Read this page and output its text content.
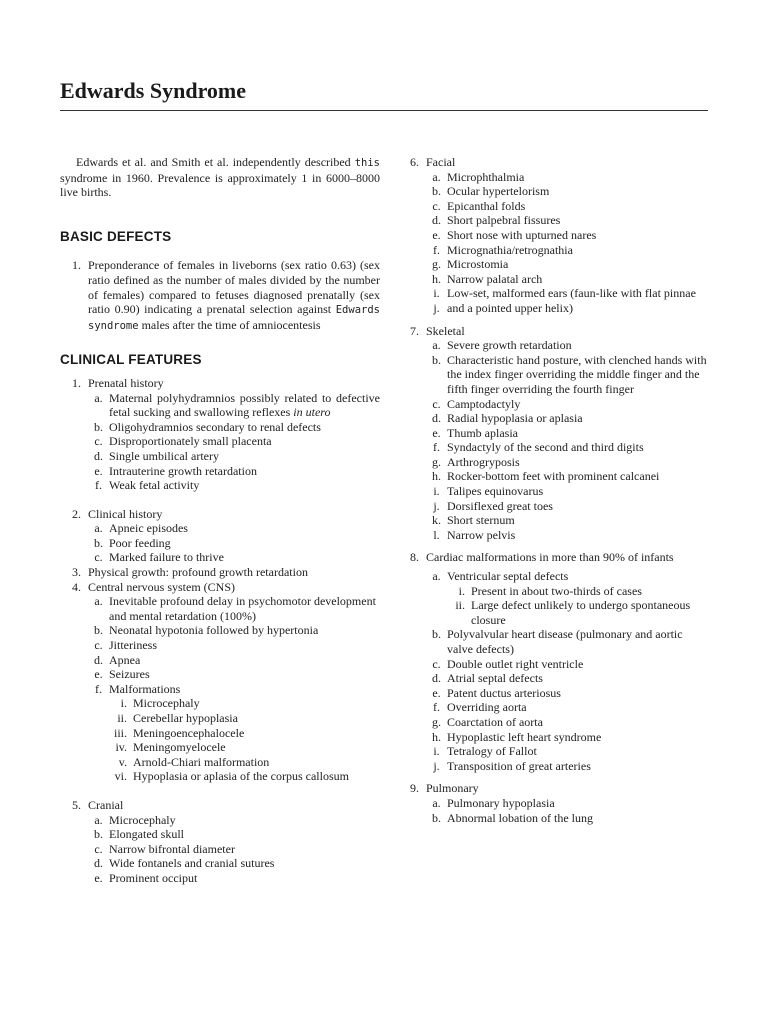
Edwards Syndrome

Edwards et al. and Smith et al. independently described this syndrome in 1960. Prevalence is approximately 1 in 6000–8000 live births.

BASIC DEFECTS
1. Preponderance of females in liveborns (sex ratio 0.63) (sex ratio defined as the number of males divided by the number of females) compared to fetuses diagnosed prenatally (sex ratio 0.90) indicating a prenatal selection against Edwards syndrome males after the time of amniocentesis
CLINICAL FEATURES
1. Prenatal history
a. Maternal polyhydramnios possibly related to defective fetal sucking and swallowing reflexes in utero
b. Oligohydramnios secondary to renal defects
c. Disproportionately small placenta
d. Single umbilical artery
e. Intrauterine growth retardation
f. Weak fetal activity
2. Clinical history
a. Apneic episodes
b. Poor feeding
c. Marked failure to thrive
3. Physical growth: profound growth retardation
4. Central nervous system (CNS)
a. Inevitable profound delay in psychomotor development and mental retardation (100%)
b. Neonatal hypotonia followed by hypertonia
c. Jitteriness
d. Apnea
e. Seizures
f. Malformations
i. Microcephaly
ii. Cerebellar hypoplasia
iii. Meningoencephalocele
iv. Meningomyelocele
v. Arnold-Chiari malformation
vi. Hypoplasia or aplasia of the corpus callosum
5. Cranial
a. Microcephaly
b. Elongated skull
c. Narrow bifrontal diameter
d. Wide fontanels and cranial sutures
e. Prominent occiput
6. Facial
a. Microphthalmia
b. Ocular hypertelorism
c. Epicanthal folds
d. Short palpebral fissures
e. Short nose with upturned nares
f. Micrognathia/retrognathia
g. Microstomia
h. Narrow palatal arch
i. Low-set, malformed ears (faun-like with flat pinnae
j. and a pointed upper helix)
7. Skeletal
a. Severe growth retardation
b. Characteristic hand posture, with clenched hands with the index finger overriding the middle finger and the fifth finger overriding the fourth finger
c. Camptodactyly
d. Radial hypoplasia or aplasia
e. Thumb aplasia
f. Syndactyly of the second and third digits
g. Arthrogryposis
h. Rocker-bottom feet with prominent calcanei
i. Talipes equinovarus
j. Dorsiflexed great toes
k. Short sternum
l. Narrow pelvis
8. Cardiac malformations in more than 90% of infants
a. Ventricular septal defects
i. Present in about two-thirds of cases
ii. Large defect unlikely to undergo spontaneous closure
b. Polyvalvular heart disease (pulmonary and aortic valve defects)
c. Double outlet right ventricle
d. Atrial septal defects
e. Patent ductus arteriosus
f. Overriding aorta
g. Coarctation of aorta
h. Hypoplastic left heart syndrome
i. Tetralogy of Fallot
j. Transposition of great arteries
9. Pulmonary
a. Pulmonary hypoplasia
b. Abnormal lobation of the lung
